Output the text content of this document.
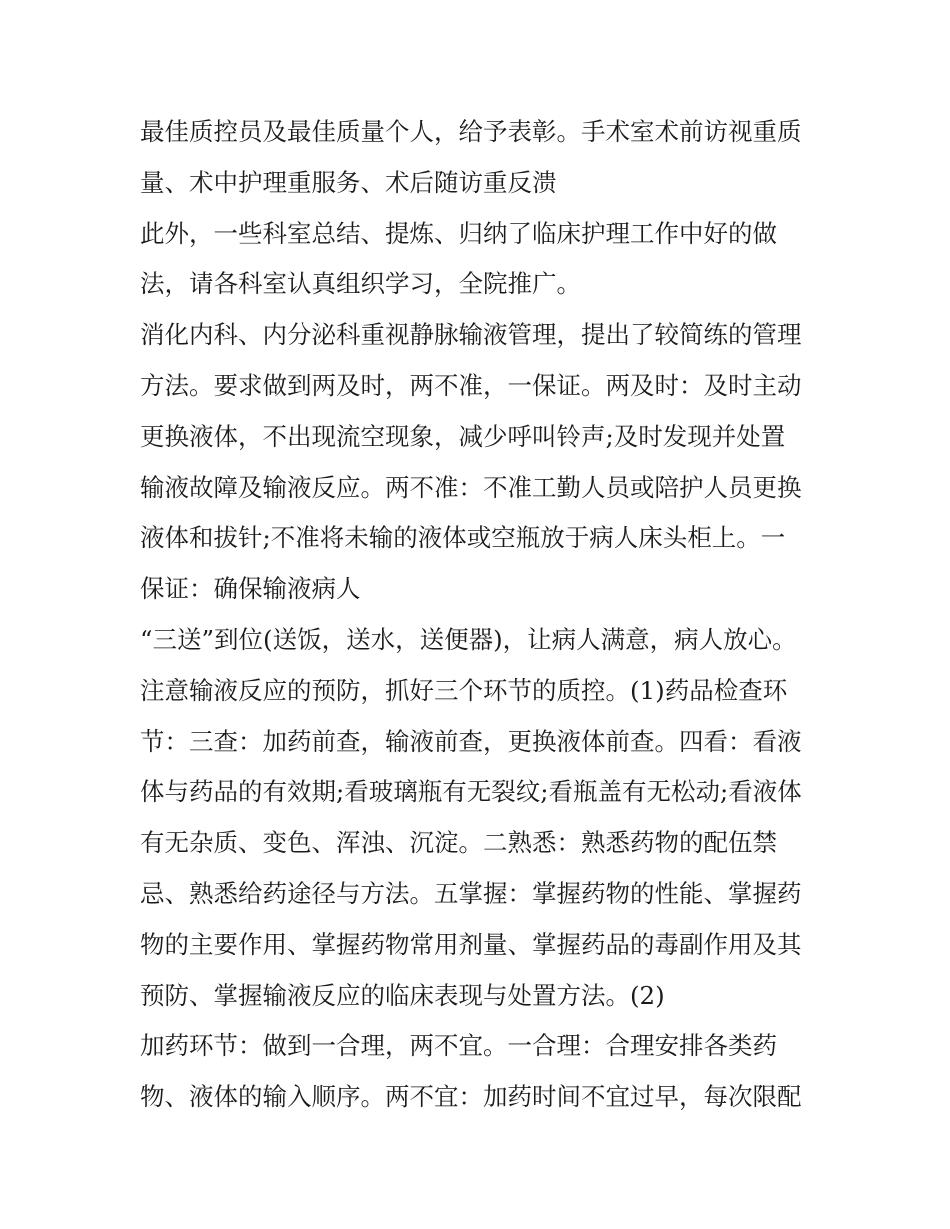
最佳质控员及最佳质量个人，给予表彰。手术室术前访视重质
量、术中护理重服务、术后随访重反溃
此外，一些科室总结、提炼、归纳了临床护理工作中好的做
法，请各科室认真组织学习，全院推广。
消化内科、内分泌科重视静脉输液管理，提出了较简练的管理
方法。要求做到两及时，两不准，一保证。两及时：及时主动
更换液体，不出现流空现象，减少呼叫铃声;及时发现并处置
输液故障及输液反应。两不准：不准工勤人员或陪护人员更换
液体和拔针;不准将未输的液体或空瓶放于病人床头柜上。一
保证：确保输液病人
“三送”到位(送饭，送水，送便器)，让病人满意，病人放心。
注意输液反应的预防，抓好三个环节的质控。(1)药品检查环
节：三查：加药前查，输液前查，更换液体前查。四看：看液
体与药品的有效期;看玻璃瓶有无裂纹;看瓶盖有无松动;看液体
有无杂质、变色、浑浊、沉淀。二熟悉：熟悉药物的配伍禁
忌、熟悉给药途径与方法。五掌握：掌握药物的性能、掌握药
物的主要作用、掌握药物常用剂量、掌握药品的毒副作用及其
预防、掌握输液反应的临床表现与处置方法。(2)
加药环节：做到一合理，两不宜。一合理：合理安排各类药
物、液体的输入顺序。两不宜：加药时间不宜过早，每次限配
